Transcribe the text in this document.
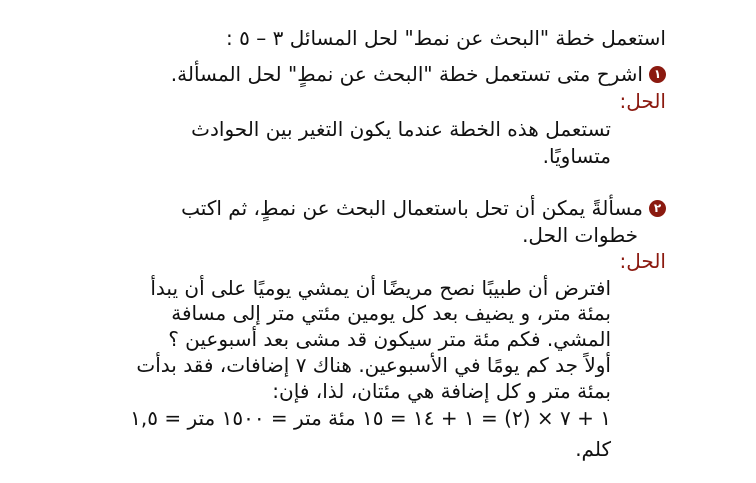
استعمل خطة "البحث عن نمط" لحل المسائل ٣ – ٥ :
١
اشرح متى تستعمل خطة "البحث عن نمطٍ" لحل المسألة.
الحل:
تستعمل هذه الخطة عندما يكون التغير بين الحوادث
متساويًا.
٢
مسألةً يمكن أن تحل باستعمال البحث عن نمطٍ، ثم اكتب
خطوات الحل.
الحل:
افترض أن طبيبًا نصح مريضًا أن يمشي يوميًا على أن يبدأ
بمئة متر، و يضيف بعد كل يومين مئتي متر إلى مسافة
المشي. فكم مئة متر سيكون قد مشى بعد أسبوعين ؟
أولاً جد كم يومًا في الأسبوعين. هناك ٧ إضافات، فقد بدأت
بمئة متر و كل إضافة هي مئتان، لذا، فإن:
١ + ٧ × (٢) = ١ + ١٤ = ١٥ مئة متر = ١٥٠٠ متر = ١,٥
كلم.
